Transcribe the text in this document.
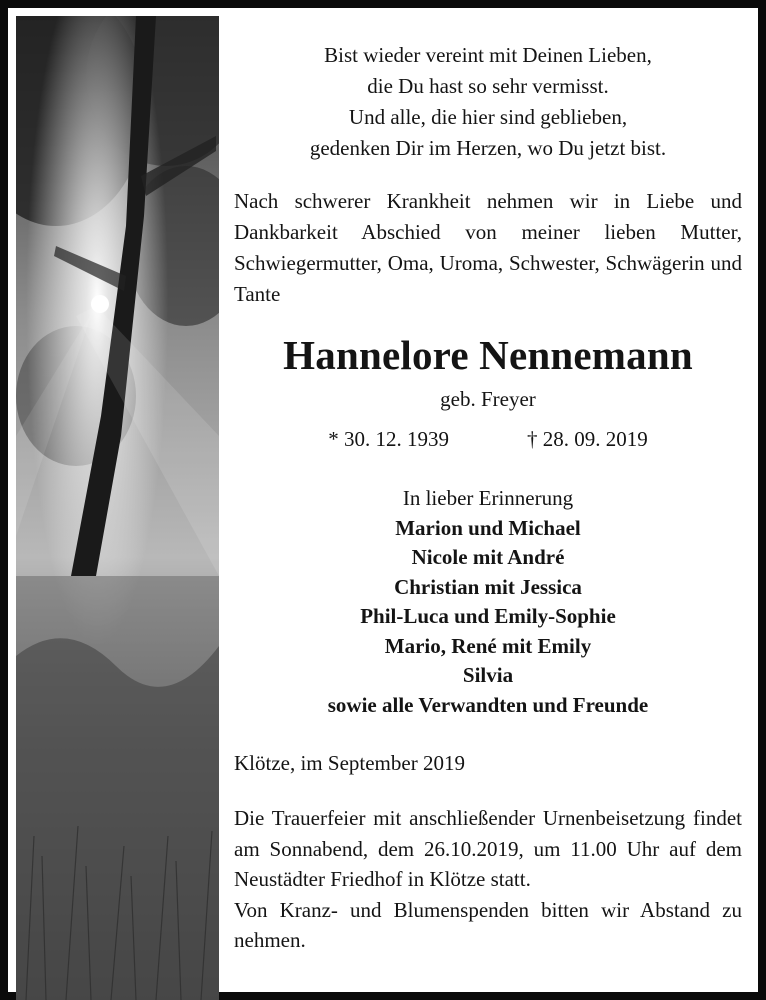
Bist wieder vereint mit Deinen Lieben,
die Du hast so sehr vermisst.
Und alle, die hier sind geblieben,
gedenken Dir im Herzen, wo Du jetzt bist.

Nach schwerer Krankheit nehmen wir in Liebe und Dankbarkeit Abschied von meiner lieben Mutter, Schwiegermutter, Oma, Uroma, Schwester, Schwägerin und Tante

Hannelore Nennemann

geb. Freyer

* 30. 12. 1939	† 28. 09. 2019

In lieber Erinnerung

Marion und Michael

Nicole mit André

Christian mit Jessica

Phil-Luca und Emily-Sophie

Mario, René mit Emily

Silvia

sowie alle Verwandten und Freunde

Klötze, im September 2019

Die Trauerfeier mit anschließender Urnenbeisetzung findet am Sonnabend, dem 26.10.2019, um 11.00 Uhr auf dem Neustädter Friedhof in Klötze statt.

Von Kranz- und Blumenspenden bitten wir Abstand zu nehmen.
